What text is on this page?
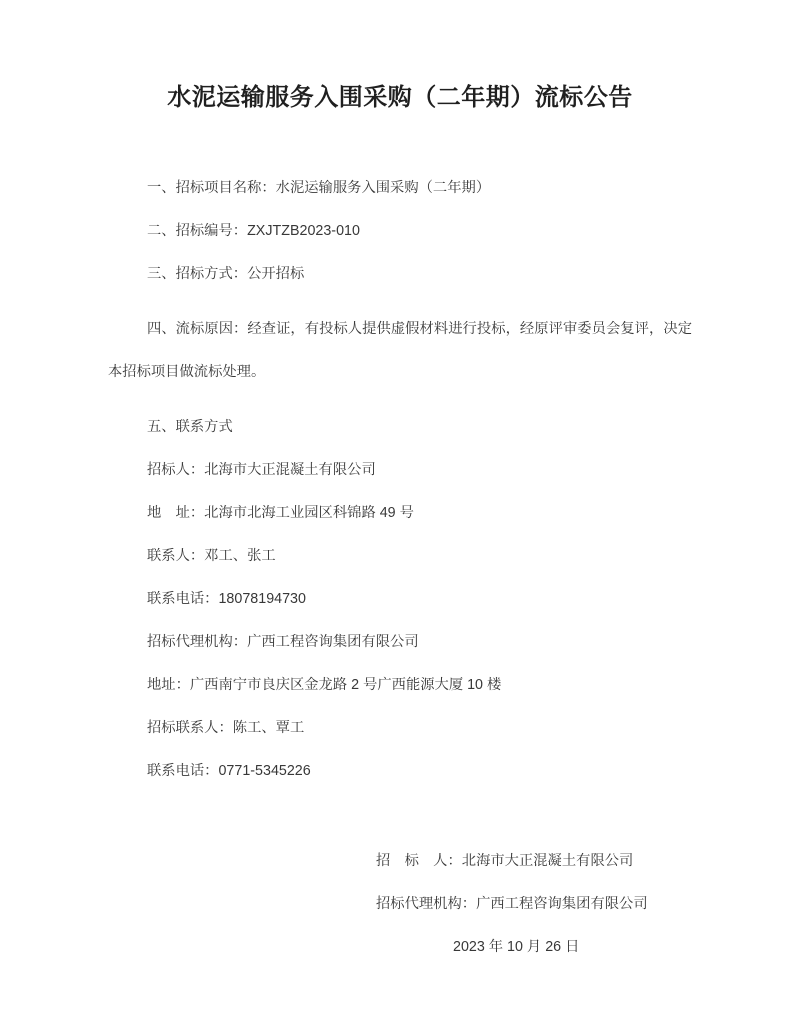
水泥运输服务入围采购（二年期）流标公告

一、招标项目名称：水泥运输服务入围采购（二年期）

二、招标编号：ZXJTZB2023-010

三、招标方式：公开招标

四、流标原因：经查证，有投标人提供虚假材料进行投标，经原评审委员会复评，决定本招标项目做流标处理。

五、联系方式

招标人：北海市大正混凝土有限公司

地　址：北海市北海工业园区科锦路 49 号

联系人：邓工、张工

联系电话：18078194730

招标代理机构：广西工程咨询集团有限公司

地址：广西南宁市良庆区金龙路 2 号广西能源大厦 10 楼

招标联系人：陈工、覃工

联系电话：0771-5345226

招　标　人：北海市大正混凝土有限公司

招标代理机构：广西工程咨询集团有限公司

2023 年 10 月 26 日
